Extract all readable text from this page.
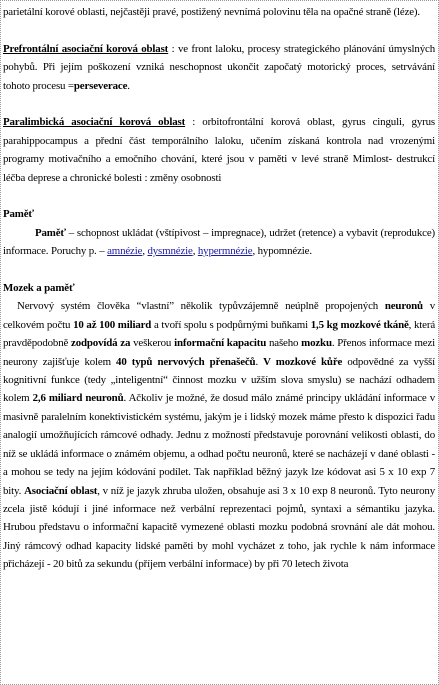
parietální korové oblasti, nejčastěji pravé, postižený nevnímá polovinu těla na opačné straně (léze).

Prefrontální asociační korová oblast : ve front laloku, procesy strategického plánování úmyslných pohybů. Při jejím poškození vzniká neschopnost ukončit započatý motorický proces, setrvávání tohoto procesu =perseverace.

Paralimbická asociační korová oblast : orbitofrontální korová oblast, gyrus cinguli, gyrus parahippocampus a přední část temporálního laloku, učením získaná kontrola nad vrozenými programy motivačního a emočního chování, které jsou v paměti v levé straně Mimlost- destrukcí léčba deprese a chronické bolesti : změny osobnosti

Paměť

Paměť – schopnost ukládat (vštípivost – impregnace), udržet (retence) a vybavit (reprodukce) informace. Poruchy p. – amnézie, dysmnézie, hypermnézie, hypomnézie.

Mozek a paměť

Nervový systém člověka “vlastní” několik typůvzájemně neúplně propojených neuronů v celkovém počtu 10 až 100 miliard a tvoří spolu s podpůrnými buňkami 1,5 kg mozkové tkáně, která pravděpodobně zodpovídá za veškerou informační kapacitu našeho mozku. Přenos informace mezi neurony zajišťuje kolem 40 typů nervových přenašečů. V mozkové kůře odpovědné za vyšší kognitivní funkce (tedy „inteligentní“ činnost mozku v užším slova smyslu) se nachází odhadem kolem 2,6 miliard neuronů. Ačkoliv je možné, že dosud málo známé principy ukládání informace v masivně paralelním konektivistickém systému, jakým je i lidský mozek máme přesto k dispozici řadu analogií umožňujících rámcové odhady. Jednu z možností představuje porovnání velikosti oblasti, do níž se ukládá informace o známém objemu, a odhad počtu neuronů, které se nacházejí v dané oblasti - a mohou se tedy na jejím kódování podílet. Tak například běžný jazyk lze kódovat asi 5 x 10 exp 7 bity. Asociační oblast, v níž je jazyk zhruba uložen, obsahuje asi 3 x 10 exp 8 neuronů. Tyto neurony zcela jistě kódují i jiné informace než verbální reprezentaci pojmů, syntaxi a sémantiku jazyka. Hrubou představu o informační kapacitě vymezené oblasti mozku podobná srovnání ale dát mohou.

Jiný rámcový odhad kapacity lidské paměti by mohl vycházet z toho, jak rychle k nám informace přicházejí - 20 bitů za sekundu (příjem verbální informace) by při 70 letech života
